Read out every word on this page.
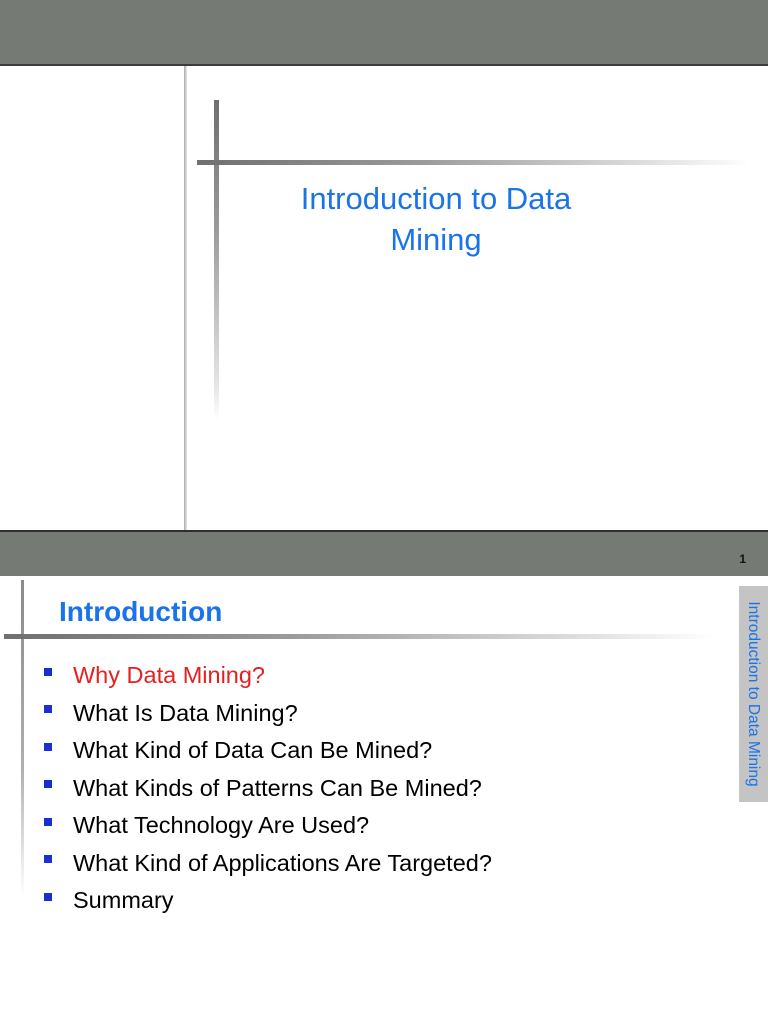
Introduction to Data
Mining
1
Introduction
Why Data Mining?
What Is Data Mining?
What Kind of Data Can Be Mined?
What Kinds of Patterns Can Be Mined?
What Technology Are Used?
What Kind of Applications Are Targeted?
Summary
Introduction to Data Mining
